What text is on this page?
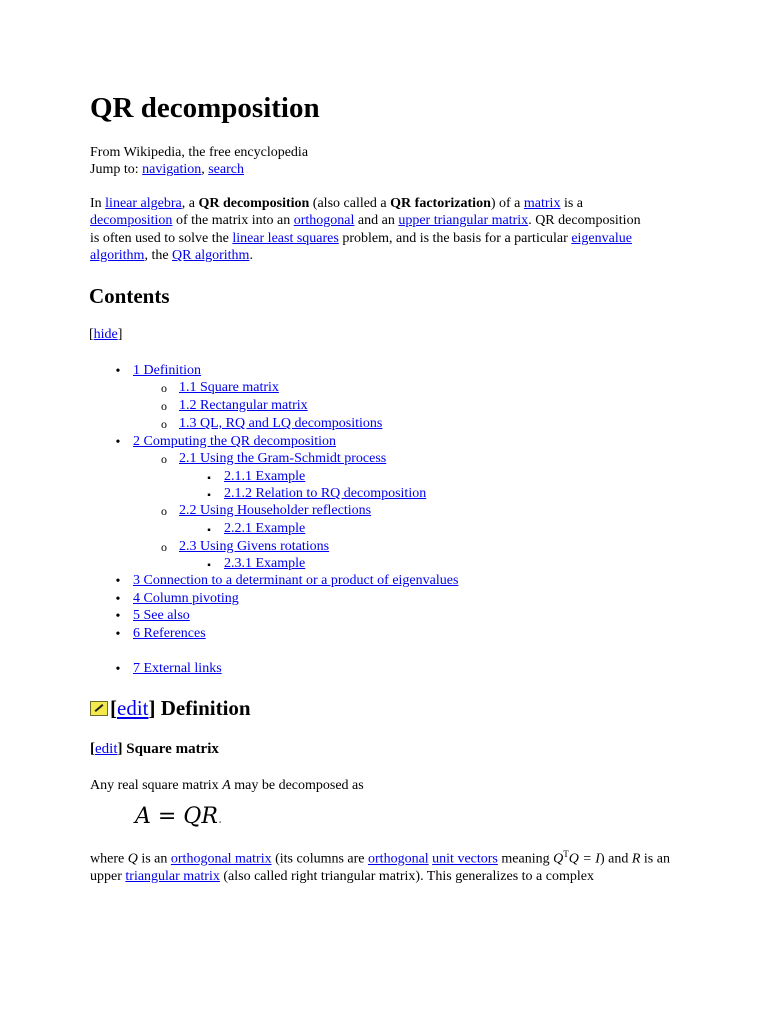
QR decomposition
From Wikipedia, the free encyclopedia
Jump to: navigation, search
In linear algebra, a QR decomposition (also called a QR factorization) of a matrix is a decomposition of the matrix into an orthogonal and an upper triangular matrix. QR decomposition is often used to solve the linear least squares problem, and is the basis for a particular eigenvalue algorithm, the QR algorithm.
Contents
[hide]
•
1 Definition
o
1.1 Square matrix
o
1.2 Rectangular matrix
o
1.3 QL, RQ and LQ decompositions
•
2 Computing the QR decomposition
o
2.1 Using the Gram-Schmidt process
▪
2.1.1 Example
▪
2.1.2 Relation to RQ decomposition
o
2.2 Using Householder reflections
▪
2.2.1 Example
o
2.3 Using Givens rotations
▪
2.3.1 Example
•
3 Connection to a determinant or a product of eigenvalues
•
4 Column pivoting
•
5 See also
•
6 References
•
7 External links
[edit] Definition
[edit] Square matrix
Any real square matrix A may be decomposed as
A = QR.
where Q is an orthogonal matrix (its columns are orthogonal unit vectors meaning $Q^TQ = I$) and R is an upper triangular matrix (also called right triangular matrix). This generalizes to a complex
